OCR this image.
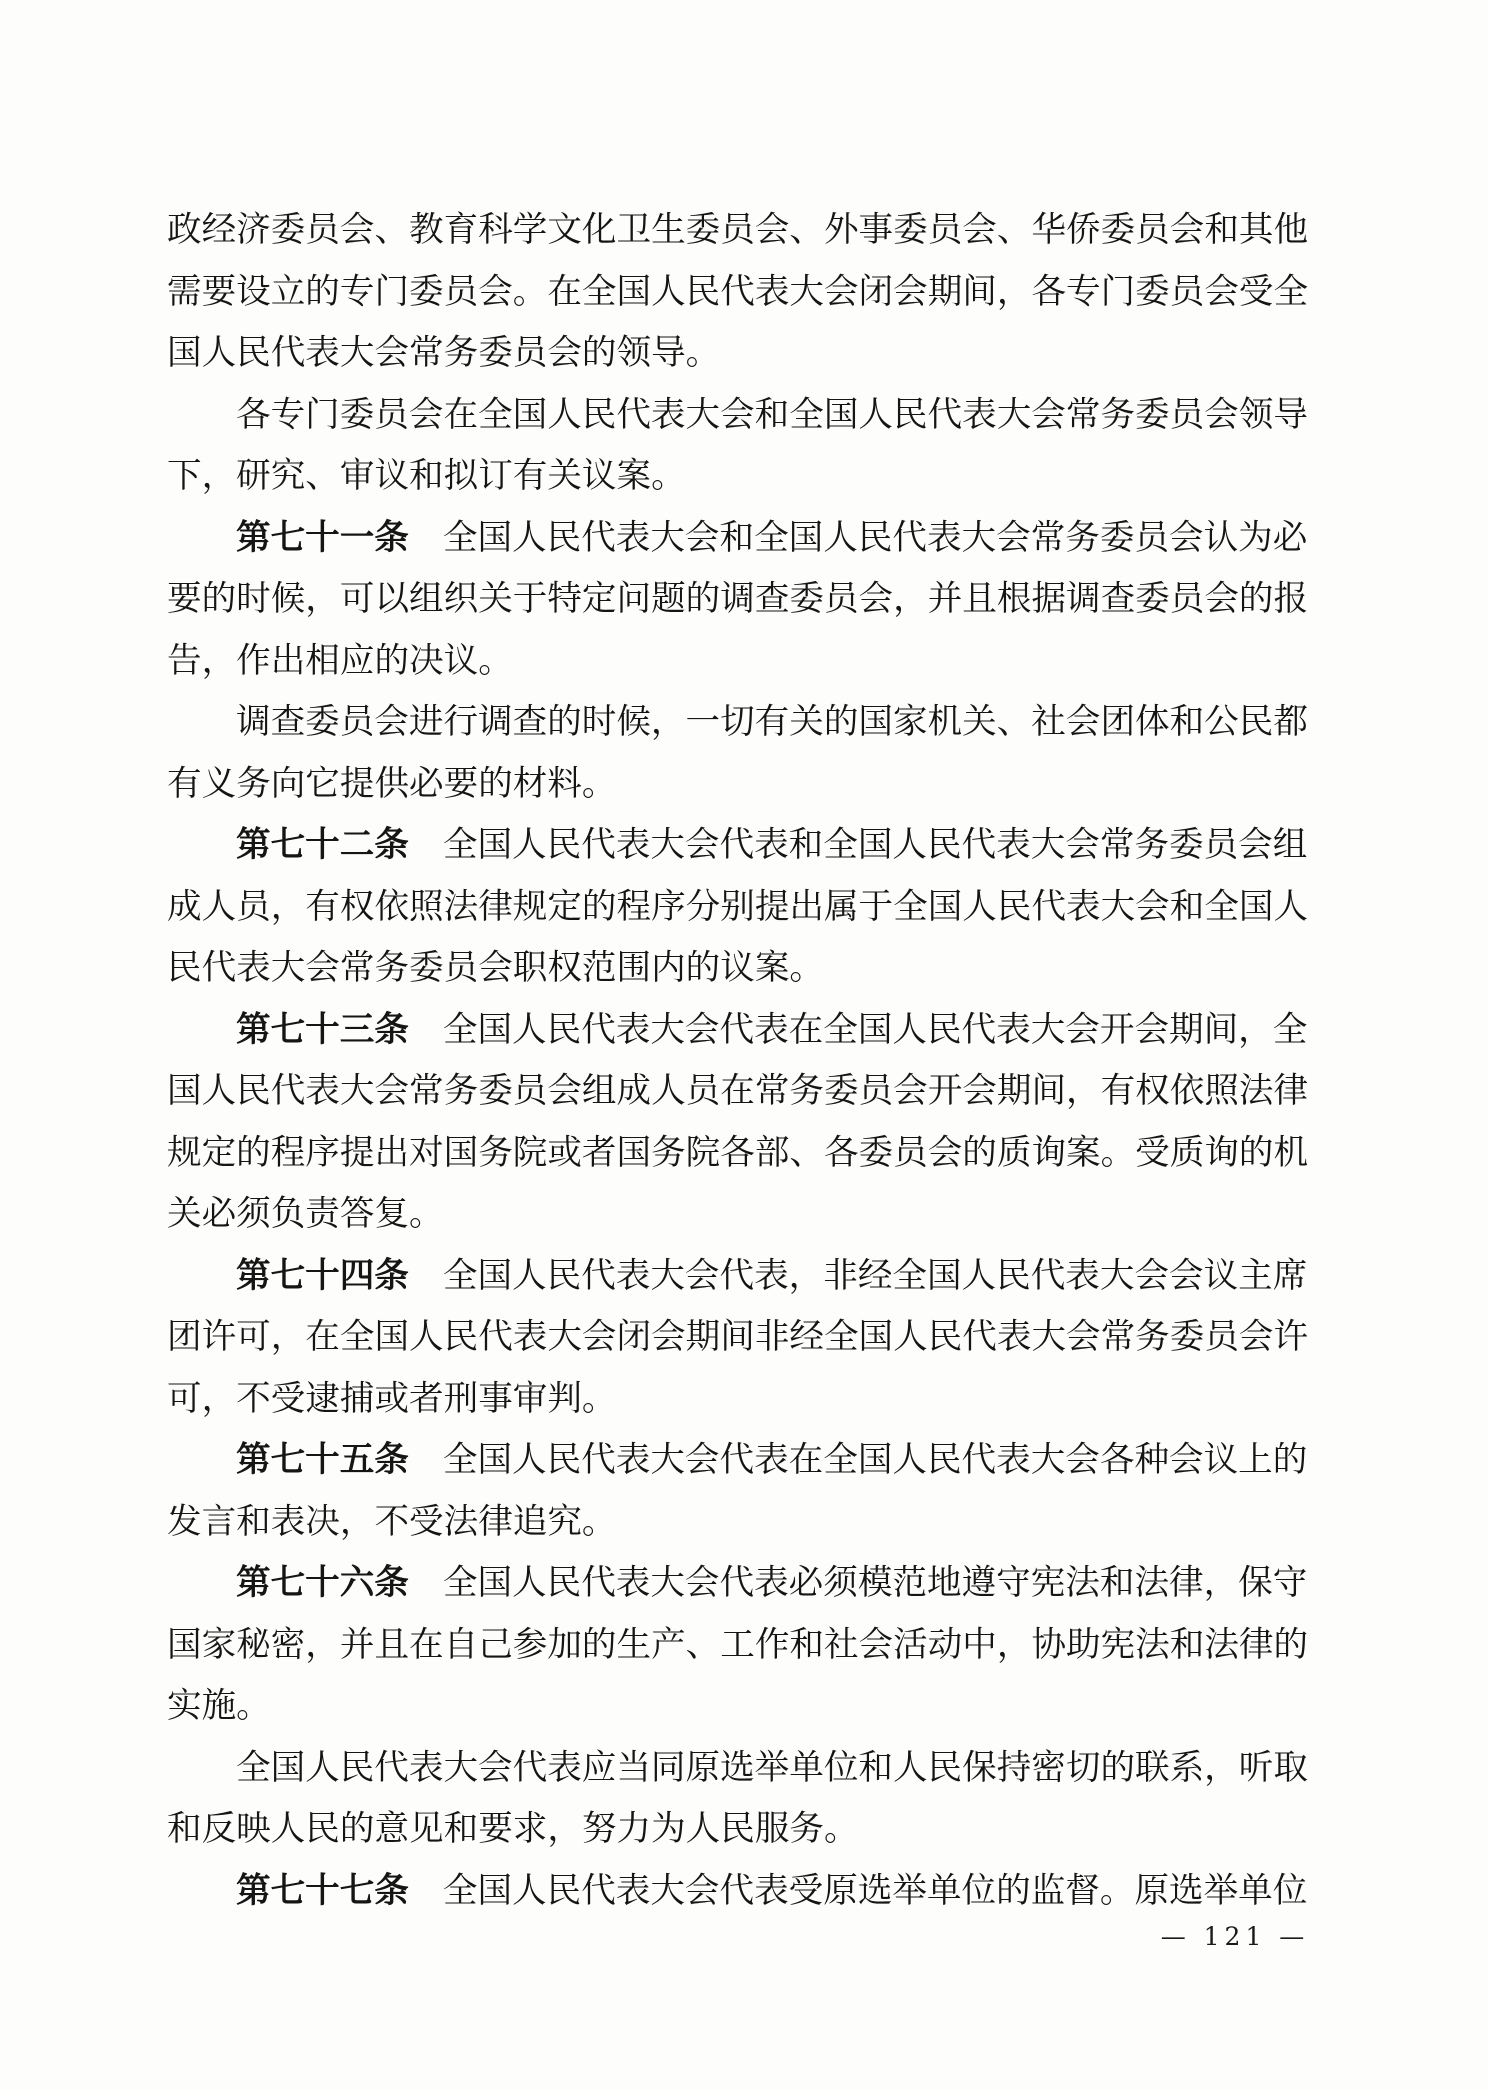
政经济委员会、教育科学文化卫生委员会、外事委员会、华侨委员会和其他

需要设立的专门委员会。在全国人民代表大会闭会期间，各专门委员会受全

国人民代表大会常务委员会的领导。

各专门委员会在全国人民代表大会和全国人民代表大会常务委员会领导

下，研究、审议和拟订有关议案。

第七十一条 全国人民代表大会和全国人民代表大会常务委员会认为必

要的时候，可以组织关于特定问题的调查委员会，并且根据调查委员会的报

告，作出相应的决议。

调查委员会进行调查的时候，一切有关的国家机关、社会团体和公民都

有义务向它提供必要的材料。

第七十二条 全国人民代表大会代表和全国人民代表大会常务委员会组

成人员，有权依照法律规定的程序分别提出属于全国人民代表大会和全国人

民代表大会常务委员会职权范围内的议案。

第七十三条 全国人民代表大会代表在全国人民代表大会开会期间，全

国人民代表大会常务委员会组成人员在常务委员会开会期间，有权依照法律

规定的程序提出对国务院或者国务院各部、各委员会的质询案。受质询的机

关必须负责答复。

第七十四条 全国人民代表大会代表，非经全国人民代表大会会议主席

团许可，在全国人民代表大会闭会期间非经全国人民代表大会常务委员会许

可，不受逮捕或者刑事审判。

第七十五条 全国人民代表大会代表在全国人民代表大会各种会议上的

发言和表决，不受法律追究。

第七十六条 全国人民代表大会代表必须模范地遵守宪法和法律，保守

国家秘密，并且在自己参加的生产、工作和社会活动中，协助宪法和法律的

实施。

全国人民代表大会代表应当同原选举单位和人民保持密切的联系，听取

和反映人民的意见和要求，努力为人民服务。

第七十七条 全国人民代表大会代表受原选举单位的监督。原选举单位

— 121 —
